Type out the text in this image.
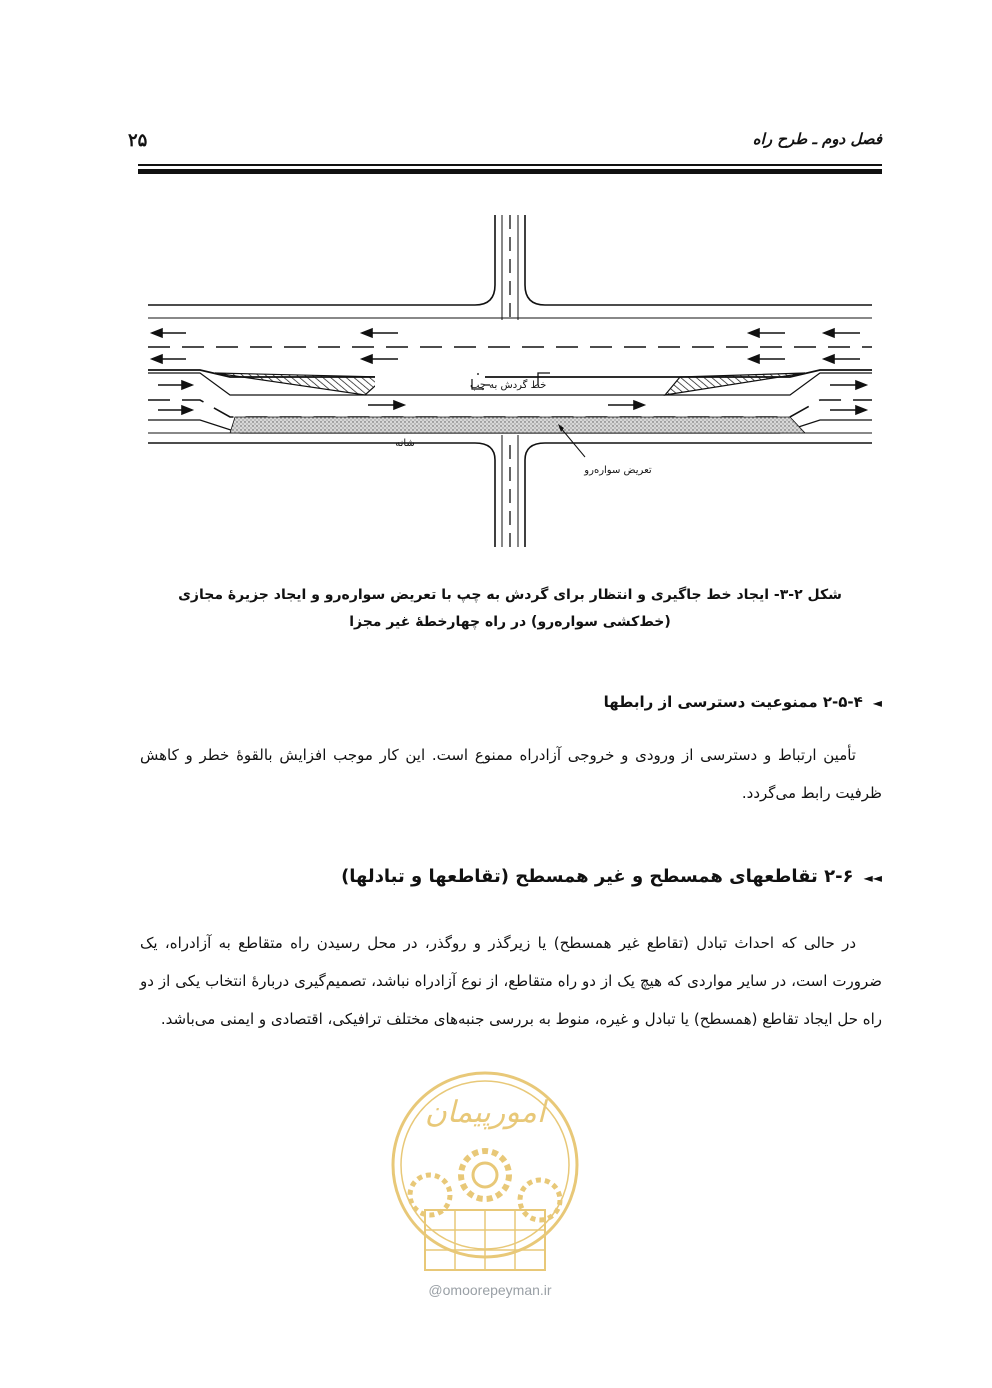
فصل دوم ـ طرح راه
۲۵
خط گردش به چپ
شانه
تعریض سواره‌رو
شکل ۲-۳- ایجاد خط جاگیری و انتظار برای گردش به چپ با تعریض سواره‌رو و ایجاد جزیرهٔ مجازی
(خط‌کشی سواره‌رو) در راه چهارخطهٔ غیر مجزا
◄۲-۵-۴ ممنوعیت دسترسی از رابطها
تأمین ارتباط و دسترسی از ورودی و خروجی آزادراه ممنوع است. این کار موجب افزایش بالقوهٔ خطر و کاهش ظرفیت رابط می‌گردد.
◄◄۲-۶ تقاطعهای همسطح و غیر همسطح (تقاطعها و تبادلها)
در حالی که احداث تبادل (تقاطع غیر همسطح) یا زیرگذر و روگذر، در محل رسیدن راه متقاطع به آزادراه، یک ضرورت است، در سایر مواردی که هیچ یک از دو راه متقاطع، از نوع آزادراه نباشد، تصمیم‌گیری دربارهٔ انتخاب یکی از دو راه حل ایجاد تقاطع (همسطح) یا تبادل و غیره، منوط به بررسی جنبه‌های مختلف ترافیکی، اقتصادی و ایمنی می‌باشد.
امورپیمان
@omoorepeyman.ir
